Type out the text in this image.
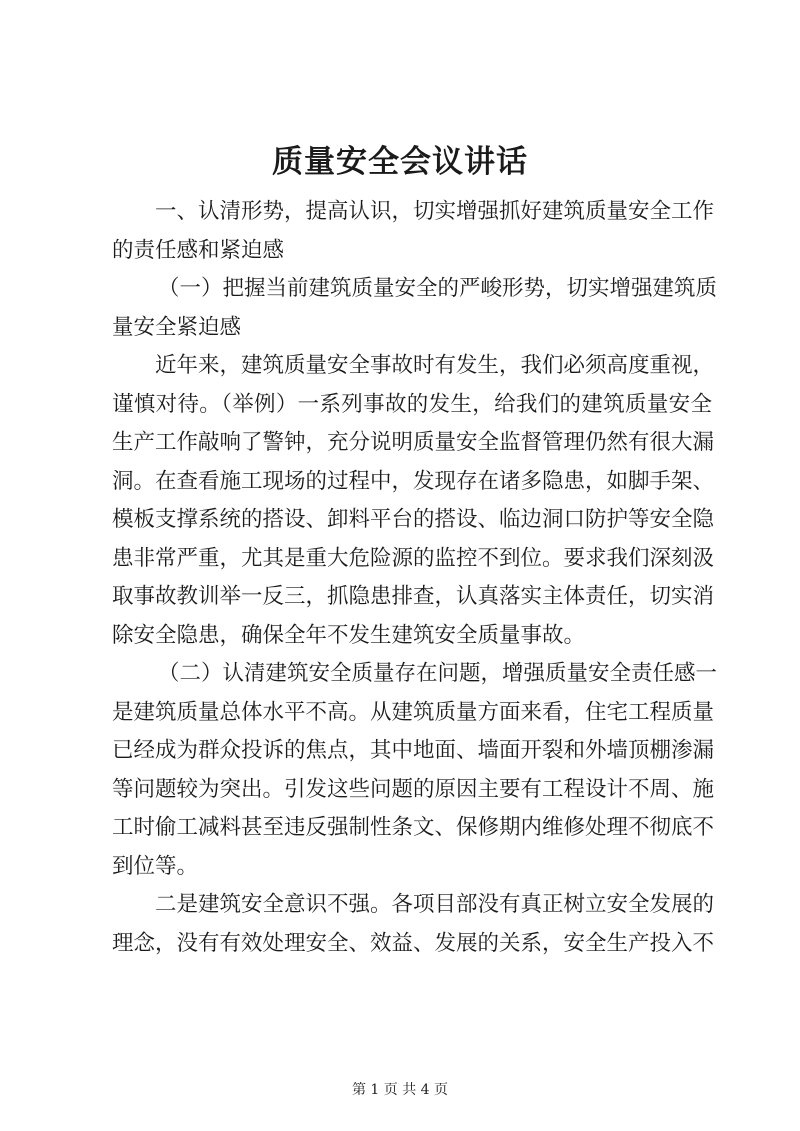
质量安全会议讲话
一、认清形势，提高认识，切实增强抓好建筑质量安全工作
的责任感和紧迫感
（一）把握当前建筑质量安全的严峻形势，切实增强建筑质
量安全紧迫感
近年来，建筑质量安全事故时有发生，我们必须高度重视，
谨慎对待。（举例）一系列事故的发生，给我们的建筑质量安全
生产工作敲响了警钟，充分说明质量安全监督管理仍然有很大漏
洞。在查看施工现场的过程中，发现存在诸多隐患，如脚手架、
模板支撑系统的搭设、卸料平台的搭设、临边洞口防护等安全隐
患非常严重，尤其是重大危险源的监控不到位。要求我们深刻汲
取事故教训举一反三，抓隐患排查，认真落实主体责任，切实消
除安全隐患，确保全年不发生建筑安全质量事故。
（二）认清建筑安全质量存在问题，增强质量安全责任感一
是建筑质量总体水平不高。从建筑质量方面来看，住宅工程质量
已经成为群众投诉的焦点，其中地面、墙面开裂和外墙顶棚渗漏
等问题较为突出。引发这些问题的原因主要有工程设计不周、施
工时偷工减料甚至违反强制性条文、保修期内维修处理不彻底不
到位等。
二是建筑安全意识不强。各项目部没有真正树立安全发展的
理念，没有有效处理安全、效益、发展的关系，安全生产投入不
第 1 页 共 4 页
